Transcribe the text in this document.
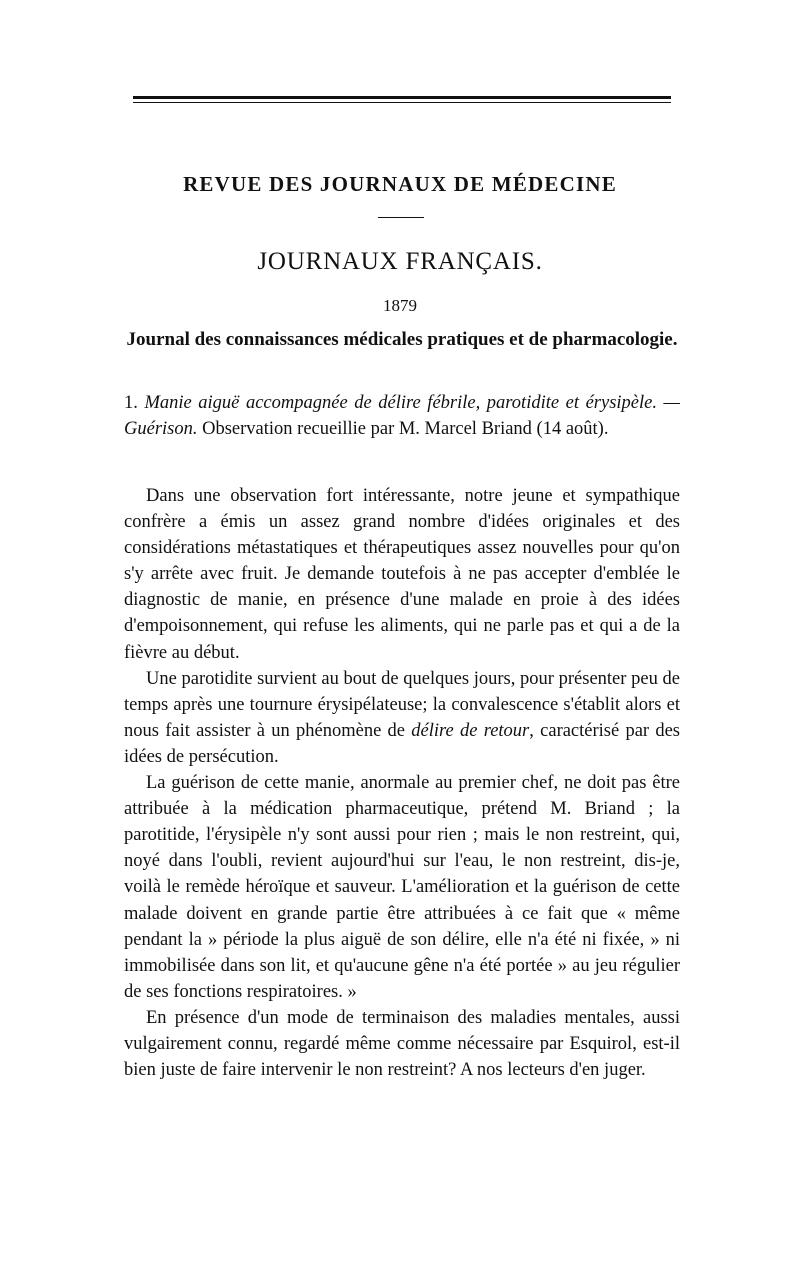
REVUE DES JOURNAUX DE MÉDECINE
JOURNAUX FRANÇAIS.
1879
Journal des connaissances médicales pratiques et de pharmacologie.
1. Manie aiguë accompagnée de délire fébrile, parotidite et érysipèle. — Guérison. Observation recueillie par M. Marcel Briand (14 août).

Dans une observation fort intéressante, notre jeune et sympathique confrère a émis un assez grand nombre d'idées originales et des considérations métastatiques et thérapeutiques assez nouvelles pour qu'on s'y arrête avec fruit. Je demande toutefois à ne pas accepter d'emblée le diagnostic de manie, en présence d'une malade en proie à des idées d'empoisonnement, qui refuse les aliments, qui ne parle pas et qui a de la fièvre au début.

Une parotidite survient au bout de quelques jours, pour présenter peu de temps après une tournure érysipélateuse; la convalescence s'établit alors et nous fait assister à un phénomène de délire de retour, caractérisé par des idées de persécution.

La guérison de cette manie, anormale au premier chef, ne doit pas être attribuée à la médication pharmaceutique, prétend M. Briand ; la parotitide, l'érysipèle n'y sont aussi pour rien ; mais le non restreint, qui, noyé dans l'oubli, revient aujourd'hui sur l'eau, le non restreint, dis-je, voilà le remède héroïque et sauveur. L'amélioration et la guérison de cette malade doivent en grande partie être attribuées à ce fait que « même pendant la » période la plus aiguë de son délire, elle n'a été ni fixée, » ni immobilisée dans son lit, et qu'aucune gêne n'a été portée » au jeu régulier de ses fonctions respiratoires. »

En présence d'un mode de terminaison des maladies mentales, aussi vulgairement connu, regardé même comme nécessaire par Esquirol, est-il bien juste de faire intervenir le non restreint? A nos lecteurs d'en juger.
